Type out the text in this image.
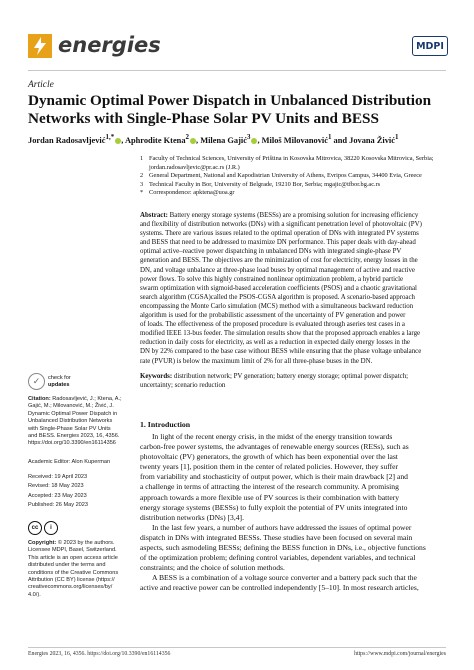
energies	MDPI
Article
Dynamic Optimal Power Dispatch in Unbalanced Distribution Networks with Single-Phase Solar PV Units and BESS
Jordan Radosavljević$^{1,*}$ , Aphrodite Ktena$^2$ , Milena Gajić$^3$ , Miloš Milovanović$^1$ and Jovana Živić$^1$
1 Faculty of Technical Sciences, University of Priština in Kosovska Mitrovica, 38220 Kosovska Mitrovica, Serbia;
jordan.radosavljevic@pr.ac.rs (J.R.)
2 General Department, National and Kapodistrian University of Athens, Evripos Campus, 34400 Evia, Greece
3 Technical Faculty in Bor, University of Belgrade, 19210 Bor, Serbia; mgajic@tfbor.bg.ac.rs
* Correspondence: apktena@uoa.gr
Abstract: Battery energy storage systems (BESSs) are a promising solution for increasing efficiency
and flexibility of distribution networks (DNs) with a significant penetration level of photovoltaic (PV)
systems. There are various issues related to the optimal operation of DNs with integrated PV systems
and BESS that need to be addressed to maximize DN performance. This paper deals with day-ahead
optimal active–reactive power dispatching in unbalanced DNs with integrated single-phase PV
generation and BESS. The objectives are the minimization of cost for electricity, energy losses in the
DN, and voltage unbalance at three-phase load buses by optimal management of active and reactive
power flows. To solve this highly constrained nonlinear optimization problem, a hybrid particle
swarm optimization with sigmoid-based acceleration coefficients (PSOS) and a chaotic gravitational
search algorithm (CGSA)called the PSOS-CGSA algorithm is proposed. A scenario-based approach
encompassing the Monte Carlo simulation (MCS) method with a simultaneous backward reduction
algorithm is used for the probabilistic assessment of the uncertainty of PV generation and power
of loads. The effectiveness of the proposed procedure is evaluated through aseries test cases in a
modified IEEE 13-bus feeder. The simulation results show that the proposed approach enables a large
reduction in daily costs for electricity, as well as a reduction in expected daily energy losses in the
DN by 22% compared to the base case without BESS while ensuring that the phase voltage unbalance
rate (PVUR) is below the maximum limit of 2% for all three-phase buses in the DN.
Keywords: distribution network; PV generation; battery energy storage; optimal power dispatch;
uncertainty; scenario reduction
✓	check for
updates
Citation: Radosavljević, J.; Ktena, A.;
Gajić, M.; Milovanović, M.; Živić, J.
Dynamic Optimal Power Dispatch in
Unbalanced Distribution Networks
with Single-Phase Solar PV Units
and BESS. Energies 2023, 16, 4356.
https://doi.org/10.3390/en16114356
Academic Editor: Alon Kuperman
Received: 19 April 2023
Revised: 18 May 2023
Accepted: 23 May 2023
Published: 26 May 2023
cc	i
Copyright: © 2023 by the authors.
Licensee MDPI, Basel, Switzerland.
This article is an open access article
distributed under the terms and
conditions of the Creative Commons
Attribution (CC BY) license (https://
creativecommons.org/licenses/by/
4.0/).
1. Introduction
In light of the recent energy crisis, in the midst of the energy transition towards
carbon-free power systems, the advantages of renewable energy sources (RESs), such as
photovoltaic (PV) generators, the growth of which has been exponential over the last
twenty years [1], position them in the center of related policies. However, they suffer
from variability and stochasticity of output power, which is their main drawback [2] and
a challenge in terms of attracting the interest of the research community. A promising
approach towards a more flexible use of PV sources is their combination with battery
energy storage systems (BESSs) to fully exploit the potential of PV units integrated into
distribution networks (DNs) [3,4].
In the last few years, a number of authors have addressed the issues of optimal power
dispatch in DNs with integrated BESSs. These studies have been focused on several main
aspects, such asmodeling BESSs; defining the BESS function in DNs, i.e., objective functions
of the optimization problem; defining control variables, dependent variables, and technical
constraints; and the choice of solution methods.
A BESS is a combination of a voltage source converter and a battery pack such that the
active and reactive power can be controlled independently [5–10]. In most research articles,
Energies 2023, 16, 4356. https://doi.org/10.3390/en16114356	https://www.mdpi.com/journal/energies
